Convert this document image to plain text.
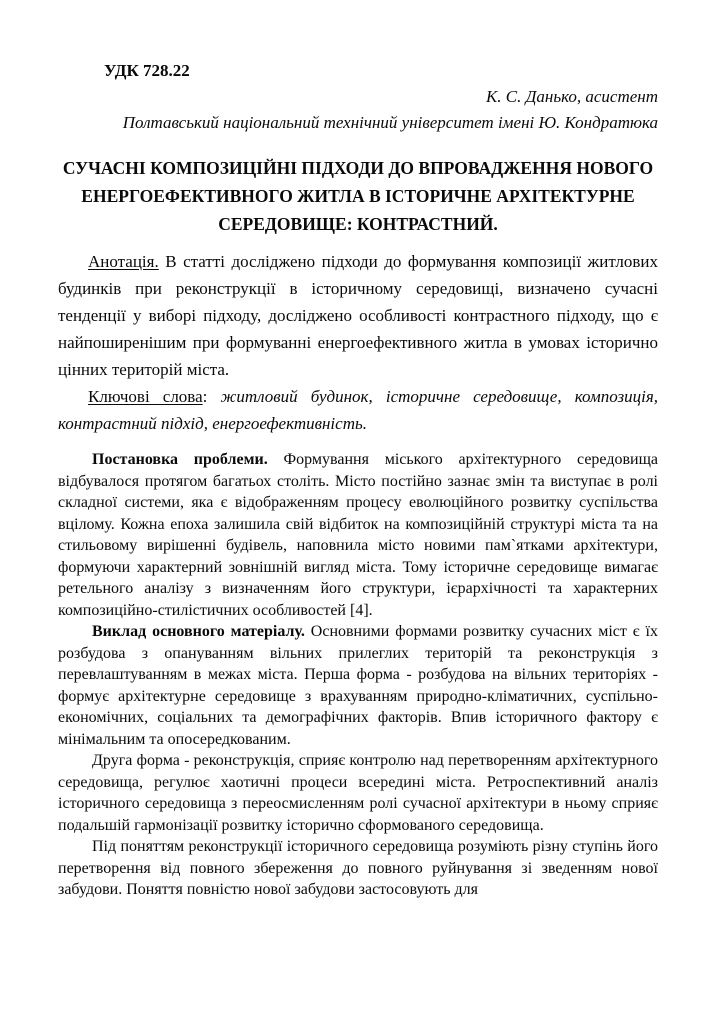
УДК 728.22
К. С. Данько, асистент
Полтавський національний технічний університет імені Ю. Кондратюка
СУЧАСНІ КОМПОЗИЦІЙНІ ПІДХОДИ ДО ВПРОВАДЖЕННЯ НОВОГО ЕНЕРГОЕФЕКТИВНОГО ЖИТЛА В ІСТОРИЧНЕ АРХІТЕКТУРНЕ СЕРЕДОВИЩЕ: КОНТРАСТНИЙ.

Анотація. В статті досліджено підходи до формування композиції житлових будинків при реконструкції в історичному середовищі, визначено сучасні тенденції у виборі підходу, досліджено особливості контрастного підходу, що є найпоширенішим при формуванні енергоефективного житла в умовах історично цінних територій міста.

Ключові слова: житловий будинок, історичне середовище, композиція, контрастний підхід, енергоефективність.

Постановка проблеми. Формування міського архітектурного середовища відбувалося протягом багатьох століть. Місто постійно зазнає змін та виступає в ролі складної системи, яка є відображенням процесу еволюційного розвитку суспільства вцілому. Кожна епоха залишила свій відбиток на композиційній структурі міста та на стильовому вирішенні будівель, наповнила місто новими пам`ятками архітектури, формуючи характерний зовнішній вигляд міста. Тому історичне середовище вимагає ретельного аналізу з визначенням його структури, ієрархічності та характерних композиційно-стилістичних особливостей [4].

Виклад основного матеріалу. Основними формами розвитку сучасних міст є їх розбудова з опануванням вільних прилеглих територій та реконструкція з перевлаштуванням в межах міста. Перша форма - розбудова на вільних територіях - формує архітектурне середовище з врахуванням природно-кліматичних, суспільно-економічних, соціальних та демографічних факторів. Впив історичного фактору є мінімальним та опосередкованим.

Друга форма - реконструкція, сприяє контролю над перетворенням архітектурного середовища, регулює хаотичні процеси всередині міста. Ретроспективний аналіз історичного середовища з переосмисленням ролі сучасної архітектури в ньому сприяє подальшій гармонізації розвитку історично сформованого середовища.

Під поняттям реконструкції історичного середовища розуміють різну ступінь його перетворення від повного збереження до повного руйнування зі зведенням нової забудови. Поняття повністю нової забудови застосовують для
